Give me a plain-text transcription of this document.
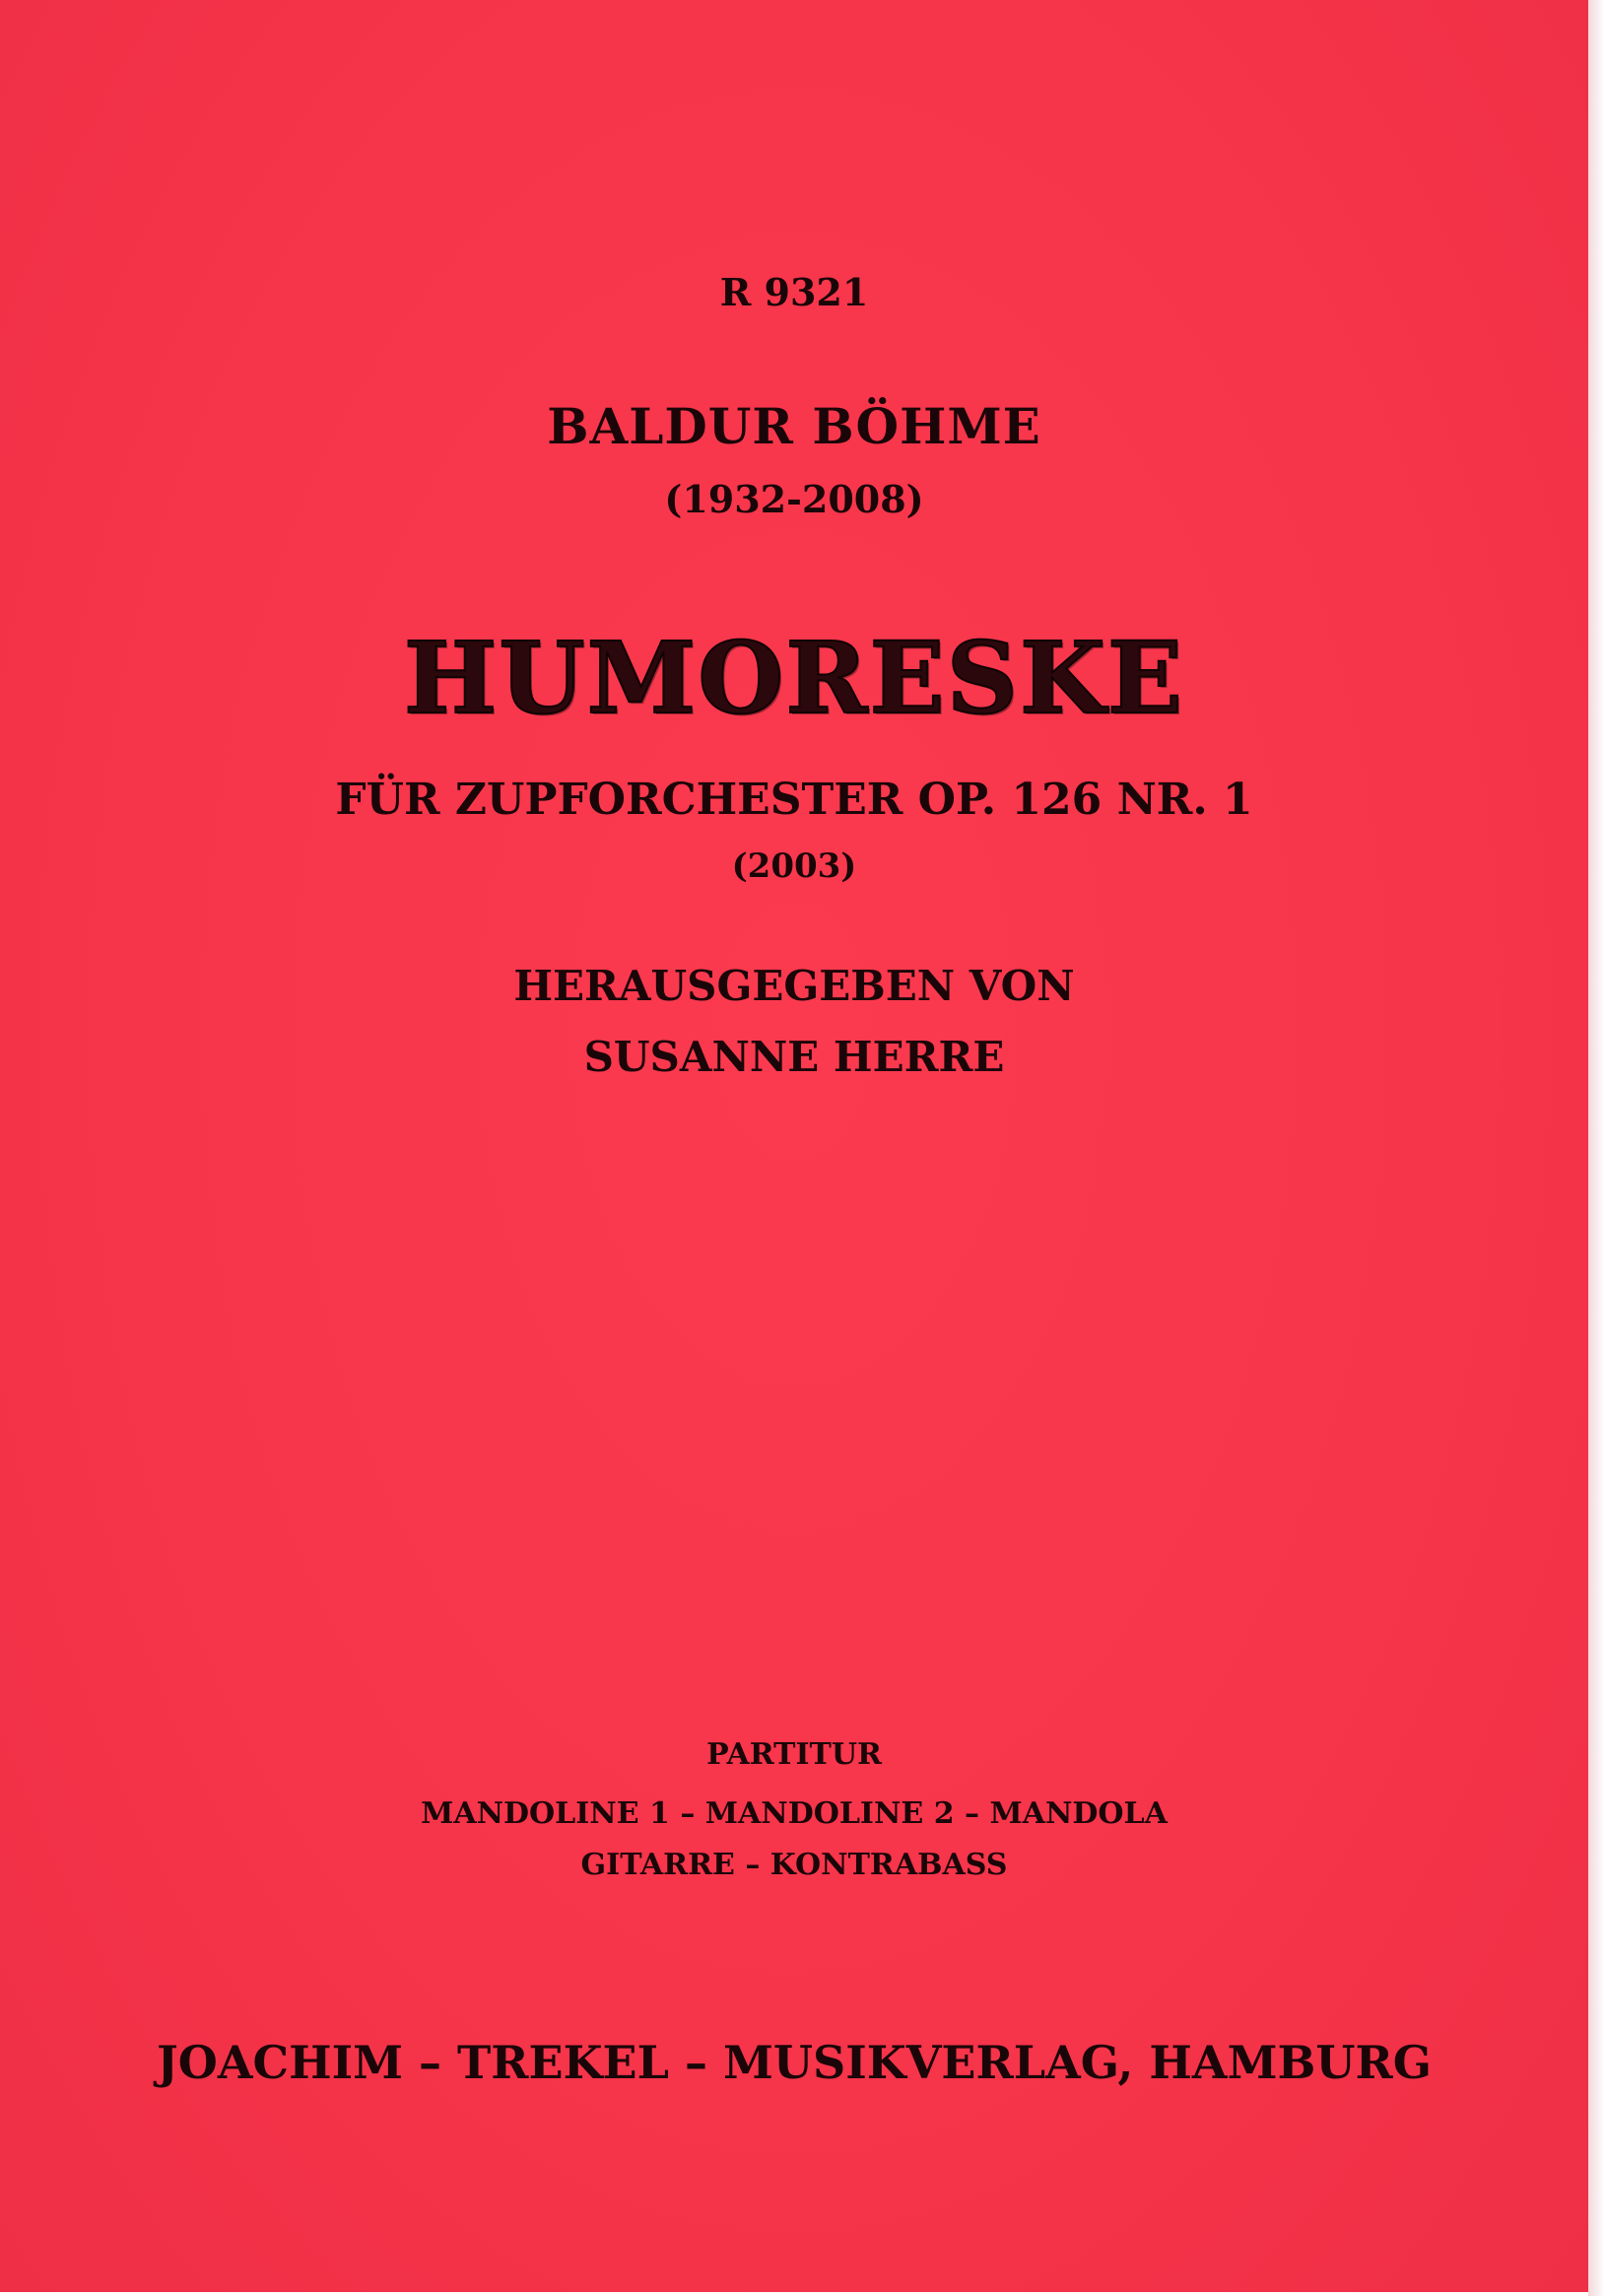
R 9321
BALDUR BÖHME
(1932-2008)
HUMORESKE
FÜR ZUPFORCHESTER OP. 126 NR. 1
(2003)
HERAUSGEGEBEN VON
SUSANNE HERRE
PARTITUR
MANDOLINE 1 – MANDOLINE 2 – MANDOLA
GITARRE – KONTRABASS
JOACHIM – TREKEL – MUSIKVERLAG, HAMBURG
